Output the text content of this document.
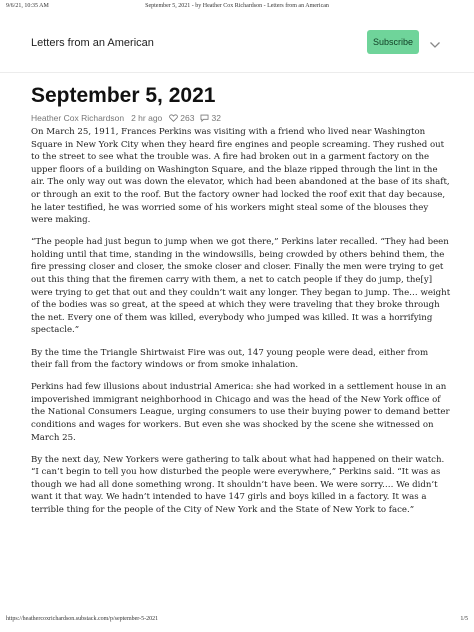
9/6/21, 10:35 AM	September 5, 2021 - by Heather Cox Richardson - Letters from an American
Letters from an American	Subscribe
September 5, 2021
Heather Cox Richardson 2 hr ago 263 32

On March 25, 1911, Frances Perkins was visiting with a friend who lived near Washington Square in New York City when they heard fire engines and people screaming. They rushed out to the street to see what the trouble was. A fire had broken out in a garment factory on the upper floors of a building on Washington Square, and the blaze ripped through the lint in the air. The only way out was down the elevator, which had been abandoned at the base of its shaft, or through an exit to the roof. But the factory owner had locked the roof exit that day because, he later testified, he was worried some of his workers might steal some of the blouses they were making.

“The people had just begun to jump when we got there,” Perkins later recalled. “They had been holding until that time, standing in the windowsills, being crowded by others behind them, the fire pressing closer and closer, the smoke closer and closer. Finally the men were trying to get out this thing that the firemen carry with them, a net to catch people if they do jump, the[y] were trying to get that out and they couldn’t wait any longer. They began to jump. The… weight of the bodies was so great, at the speed at which they were traveling that they broke through the net. Every one of them was killed, everybody who jumped was killed. It was a horrifying spectacle.”

By the time the Triangle Shirtwaist Fire was out, 147 young people were dead, either from their fall from the factory windows or from smoke inhalation.

Perkins had few illusions about industrial America: she had worked in a settlement house in an impoverished immigrant neighborhood in Chicago and was the head of the New York office of the National Consumers League, urging consumers to use their buying power to demand better conditions and wages for workers. But even she was shocked by the scene she witnessed on March 25.

By the next day, New Yorkers were gathering to talk about what had happened on their watch. “I can’t begin to tell you how disturbed the people were everywhere,” Perkins said. “It was as though we had all done something wrong. It shouldn’t have been. We were sorry.… We didn’t want it that way. We hadn’t intended to have 147 girls and boys killed in a factory. It was a terrible thing for the people of the City of New York and the State of New York to face.”

https://heathercoxrichardson.substack.com/p/september-5-2021	1/5
